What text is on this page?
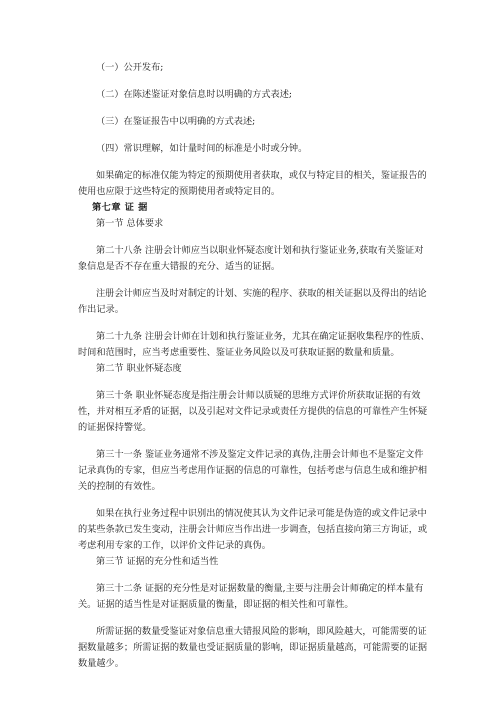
（一）公开发布;

（二）在陈述鉴证对象信息时以明确的方式表述;

（三）在鉴证报告中以明确的方式表述;

（四）常识理解，如计量时间的标准是小时或分钟。

如果确定的标准仅能为特定的预期使用者获取，或仅与特定目的相关，鉴证报告的使用也应限于这些特定的预期使用者或特定目的。

第七章 证 据

第一节 总体要求

第二十八条 注册会计师应当以职业怀疑态度计划和执行鉴证业务,获取有关鉴证对象信息是否不存在重大错报的充分、适当的证据。

注册会计师应当及时对制定的计划、实施的程序、获取的相关证据以及得出的结论作出记录。

第二十九条 注册会计师在计划和执行鉴证业务，尤其在确定证据收集程序的性质、时间和范围时，应当考虑重要性、鉴证业务风险以及可获取证据的数量和质量。

第二节 职业怀疑态度

第三十条 职业怀疑态度是指注册会计师以质疑的思维方式评价所获取证据的有效性，并对相互矛盾的证据，以及引起对文件记录或责任方提供的信息的可靠性产生怀疑的证据保持警觉。

第三十一条 鉴证业务通常不涉及鉴定文件记录的真伪,注册会计师也不是鉴定文件记录真伪的专家，但应当考虑用作证据的信息的可靠性，包括考虑与信息生成和维护相关的控制的有效性。

如果在执行业务过程中识别出的情况使其认为文件记录可能是伪造的或文件记录中的某些条款已发生变动，注册会计师应当作出进一步调查，包括直接向第三方询证，或考虑利用专家的工作，以评价文件记录的真伪。

第三节 证据的充分性和适当性

第三十二条 证据的充分性是对证据数量的衡量,主要与注册会计师确定的样本量有关。证据的适当性是对证据质量的衡量，即证据的相关性和可靠性。

所需证据的数量受鉴证对象信息重大错报风险的影响，即风险越大，可能需要的证据数量越多；所需证据的数量也受证据质量的影响，即证据质量越高，可能需要的证据数量越少。
